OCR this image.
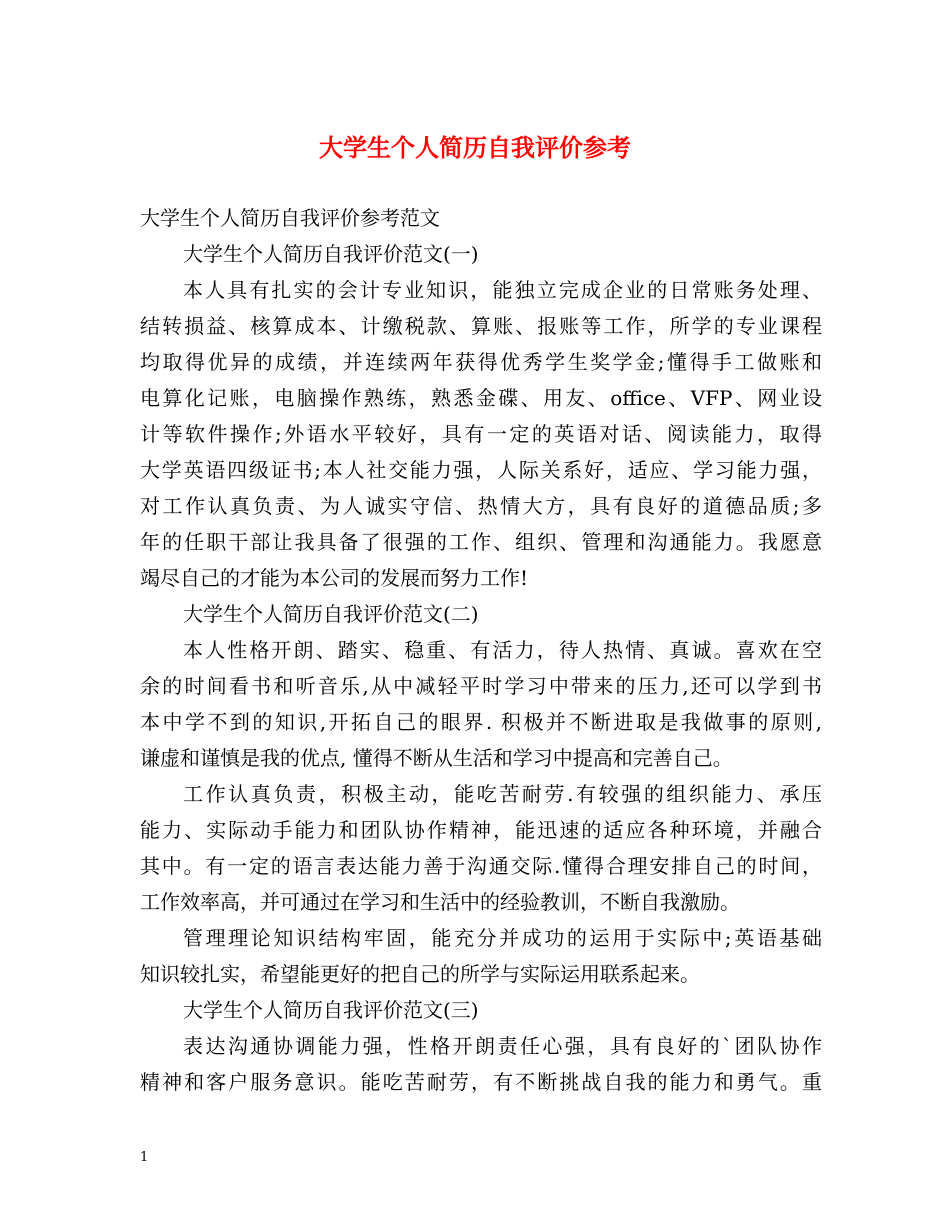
大学生个人简历自我评价参考

大学生个人简历自我评价参考范文

大学生个人简历自我评价范文(一)

本人具有扎实的会计专业知识，能独立完成企业的日常账务处理、

结转损益、核算成本、计缴税款、算账、报账等工作，所学的专业课程

均取得优异的成绩，并连续两年获得优秀学生奖学金;懂得手工做账和

电算化记账，电脑操作熟练，熟悉金碟、用友、office、VFP、网业设

计等软件操作;外语水平较好，具有一定的英语对话、阅读能力，取得

大学英语四级证书;本人社交能力强，人际关系好，适应、学习能力强，

对工作认真负责、为人诚实守信、热情大方，具有良好的道德品质;多

年的任职干部让我具备了很强的工作、组织、管理和沟通能力。我愿意

竭尽自己的才能为本公司的发展而努力工作!

大学生个人简历自我评价范文(二)

本人性格开朗、踏实、稳重、有活力，待人热情、真诚。喜欢在空

余的时间看书和听音乐,从中减轻平时学习中带来的压力,还可以学到书

本中学不到的知识,开拓自己的眼界. 积极并不断进取是我做事的原则,

谦虚和谨慎是我的优点, 懂得不断从生活和学习中提高和完善自己。

工作认真负责，积极主动，能吃苦耐劳.有较强的组织能力、承压

能力、实际动手能力和团队协作精神，能迅速的适应各种环境，并融合

其中。有一定的语言表达能力善于沟通交际.懂得合理安排自己的时间，

工作效率高，并可通过在学习和生活中的经验教训，不断自我激励。

管理理论知识结构牢固，能充分并成功的运用于实际中;英语基础

知识较扎实，希望能更好的把自己的所学与实际运用联系起来。

大学生个人简历自我评价范文(三)

表达沟通协调能力强，性格开朗责任心强，具有良好的`团队协作

精神和客户服务意识。能吃苦耐劳，有不断挑战自我的能力和勇气。重

1
